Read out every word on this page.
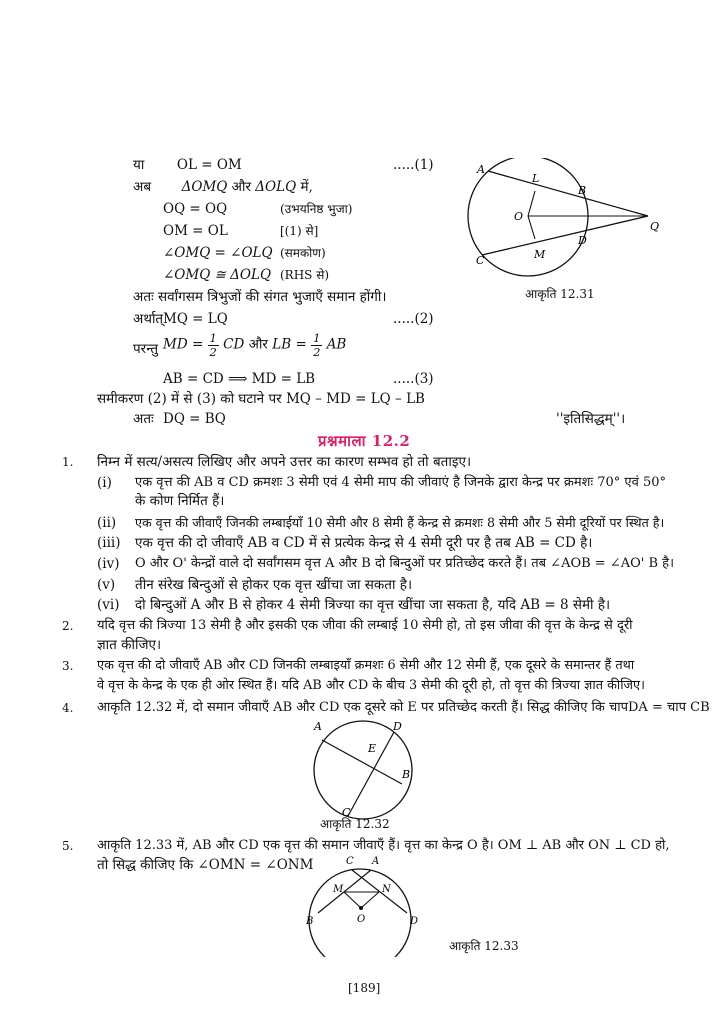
या OL = OM	.....(1)
अब ΔOMQ और ΔOLQ में,
OQ = OQ	(उभयनिष्ठ भुजा)
OM = OL	[(1) से]
∠OMQ = ∠OLQ (समकोण)
∠OMQ ≅ ΔOLQ (RHS से)
अतः सर्वांगसम त्रिभुजों की संगत भुजाएँ समान होंगी।
अर्थात् MQ = LQ	.....(2)
परन्तु MD = $\frac{1}{2}$ CD और LB = $\frac{1}{2}$ AB
AB = CD ⟹ MD = LB	.....(3)
समीकरण (2) में से (3) को घटाने पर MQ – MD = LQ – LB
अतः DQ = BQ	''इतिसिद्धम्''।
A
L
B
O
Q
D
M
C
आकृति 12.31
प्रश्नमाला 12.2
1. निम्न में सत्य/असत्य लिखिए और अपने उत्तर का कारण सम्भव हो तो बताइए।
(i) एक वृत्त की AB व CD क्रमशः 3 सेमी एवं 4 सेमी माप की जीवाएं है जिनके द्वारा केन्द्र पर क्रमशः 70° एवं 50°
के कोण निर्मित हैं।
(ii) एक वृत्त की जीवाएँ जिनकी लम्बाईयाँ 10 सेमी और 8 सेमी हैं केन्द्र से क्रमशः 8 सेमी और 5 सेमी दूरियों पर स्थित है।
(iii) एक वृत्त की दो जीवाएँ AB व CD में से प्रत्येक केन्द्र से 4 सेमी दूरी पर है तब AB = CD है।
(iv) O और O' केन्द्रों वाले दो सर्वांगसम वृत्त A और B दो बिन्दुओं पर प्रतिच्छेद करते हैं। तब ∠AOB = ∠AO' B है।
(v) तीन संरेख बिन्दुओं से होकर एक वृत्त खींचा जा सकता है।
(vi) दो बिन्दुओं A और B से होकर 4 सेमी त्रिज्या का वृत्त खींचा जा सकता है, यदि AB = 8 सेमी है।
2. यदि वृत्त की त्रिज्या 13 सेमी है और इसकी एक जीवा की लम्बाई 10 सेमी हो, तो इस जीवा की वृत्त के केन्द्र से दूरी
ज्ञात कीजिए।
3. एक वृत्त की दो जीवाएँ AB और CD जिनकी लम्बाइयाँ क्रमशः 6 सेमी और 12 सेमी हैं, एक दूसरे के समान्तर हैं तथा
वे वृत्त के केन्द्र के एक ही ओर स्थित हैं। यदि AB और CD के बीच 3 सेमी की दूरी हो, तो वृत्त की त्रिज्या ज्ञात कीजिए।
4. आकृति 12.32 में, दो समान जीवाएँ AB और CD एक दूसरे को E पर प्रतिच्छेद करती हैं। सिद्ध कीजिए कि चापDA = चाप CB
A	D
E
B
C
आकृति 12.32
5. आकृति 12.33 में, AB और CD एक वृत्त की समान जीवाएँ हैं। वृत्त का केन्द्र O है। OM ⊥ AB और ON ⊥ CD हो,
तो सिद्ध कीजिए कि ∠OMN = ∠ONM	C A
M	N
O
B	D
आकृति 12.33
[189]
